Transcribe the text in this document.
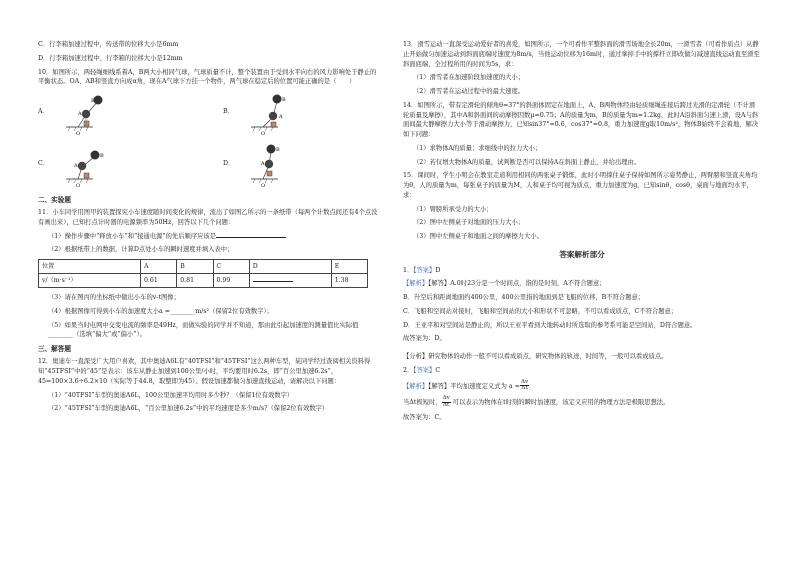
C．行李箱加速过程中，传送带的位移大小是6mm

D．行李箱加速过程中，行李箱的位移大小是12mm

10．如图所示，两轻绳细线系着A，B两大小相同气球，气球质量不计，整个装置由于受到水平向右的风力影响处于静止的平衡状态。OA、AB和竖直方向成α角，现在A气球下方挂一个物件，两气球在稳定后的位置可能正确的是（　　）

A．
B
A
O
B．
B
A
O
C．
B
A
O
D．
B
A
O
二、实验题

11．小车同学用图甲的装置探究小车速度随时间变化的规律，流出了如图乙所示的一条纸带（每两个计数点间还有4个点没有画出来），已知打点计时器的电源频率为50Hz，回答以下几个问题：

（1）操作步骤中“释放小车”和“接通电源”的先后顺序应该是

（2）根据纸带上的数据，计算D点处小车的瞬时速度并填入表中；

位置	A	B	C	D	E
v/（m·s⁻¹）	0.61	0.81	0.99		1.38

（3）请在图丙的坐标纸中做出小车的v-t图像；

（4）根据图像可得到小车的加速度大小a =________m/s²（保留2位有效数字）；

（5）如果当时电网中交变电流的频率是49Hz，而做实验的同学并不知道，那由此引起加速度的测量值比实际值________（选填“偏大”或“偏小”）。

三、解答题

12．奥迪车一直深受广大用户喜欢，其中奥迪A6L有“40TFSI”和“45TFSI”这么两种车型，某同学经过查阅相关资料得知“45TFSI”中的“45”是表示：该车从静止加速到100公里/小时，平均要用时6.2s，即“百公里加速6.2s”，45=100×3.6÷6.2×10（实际等于44.8，取整即为45）。假设加速都做匀加速直线运动，请解决以下问题：

（1）“40TFSI”车型的奥迪A6L，100公里加速平均用时多少秒？（保留1位有效数字）

（2）“45TFSI”车型的奥迪A6L，“百公里加速6.2s”中的平均速度是多少m/s?（保留2位有效数字）

13．滑雪运动一直深受运动爱好者的喜爱，如图所示，一个可看作平整斜面的滑雪场地全长20m，一滑雪者（可看作质点）从静止开始做匀加速运动到斜面底端时速度为8m/s，当他运动位移为16m时，通过拿掉手中的撑杆立即改做匀减速直线运动直至滑至斜面底端，全过程所用的时间为5s，求：

（1）滑雪者在加速阶段加速度的大小；

（2）滑雪者在运动过程中的最大速度。

14．如图所示，带有定滑轮的倾角θ=37°的斜面体固定在地面上，A、B两物体经由轻质细绳连接后跨过光滑的定滑轮（不计滑轮质量及摩擦），其中A和斜面间的动摩擦因数μ=0.75；A的质量为m，B的质量为m=1.2kg，此时A沿斜面匀速上滑，设A与斜面间最大静摩擦力大小等于滑动摩擦力，已知sin37°=0.6，cos37°=0.8，重力加速度g取10m/s²，物体B始终不会着地，解决如下问题：

（1）求物体A的质量；求细线中的拉力大小；

（2）若仅增大物体A的质量，试判断是否可以保持A在斜面上静止，并给出理由。

15．课间时，学生小明会在教室走道利用相同的两张桌子锻炼，此时小明撑住桌子保持如图所示姿势静止，两臂膀和竖直夹角均为θ，人的质量为m，每张桌子的质量为M，人和桌子均可视为质点，重力加速度为g，已知sinθ，cosθ，桌面与地面均水平，求：

（1）臂膀所承受力的大小；

（2）图中左侧桌子对地面的压力大小；

（3）图中左侧桌子和地面之间的摩擦力大小。

答案解析部分

1．【答案】D

【解析】【解答】A.0时23分是一个时间点，指的是时刻，A不符合题意；

B．升空后和距离地面约400公里，400公里指的地面到是飞船的位移，B不符合题意；

C．飞船和空间站对接时，飞船和空间站的大小和形状不可忽略，不可以看成质点，C不符合题意；

D．王亚平和对空间站是静止的，所以王亚平看到大地转动时所选取的参考系可能是空间站，D符合题意。

故答案为：D。

【分析】研究物体的动作一般不可以看成质点，研究物体的轨迹，时间等，一般可以看成质点。

2．【答案】C

【解析】【解答】平均加速度定义式为 $a = \frac{\Delta v}{\Delta t}$

当Δt极短时， $\frac{\Delta v}{\Delta t}$ 可以表示为物体在t时刻的瞬时加速度，该定义应用的物理方法是极限思想法。

故答案为：C。
